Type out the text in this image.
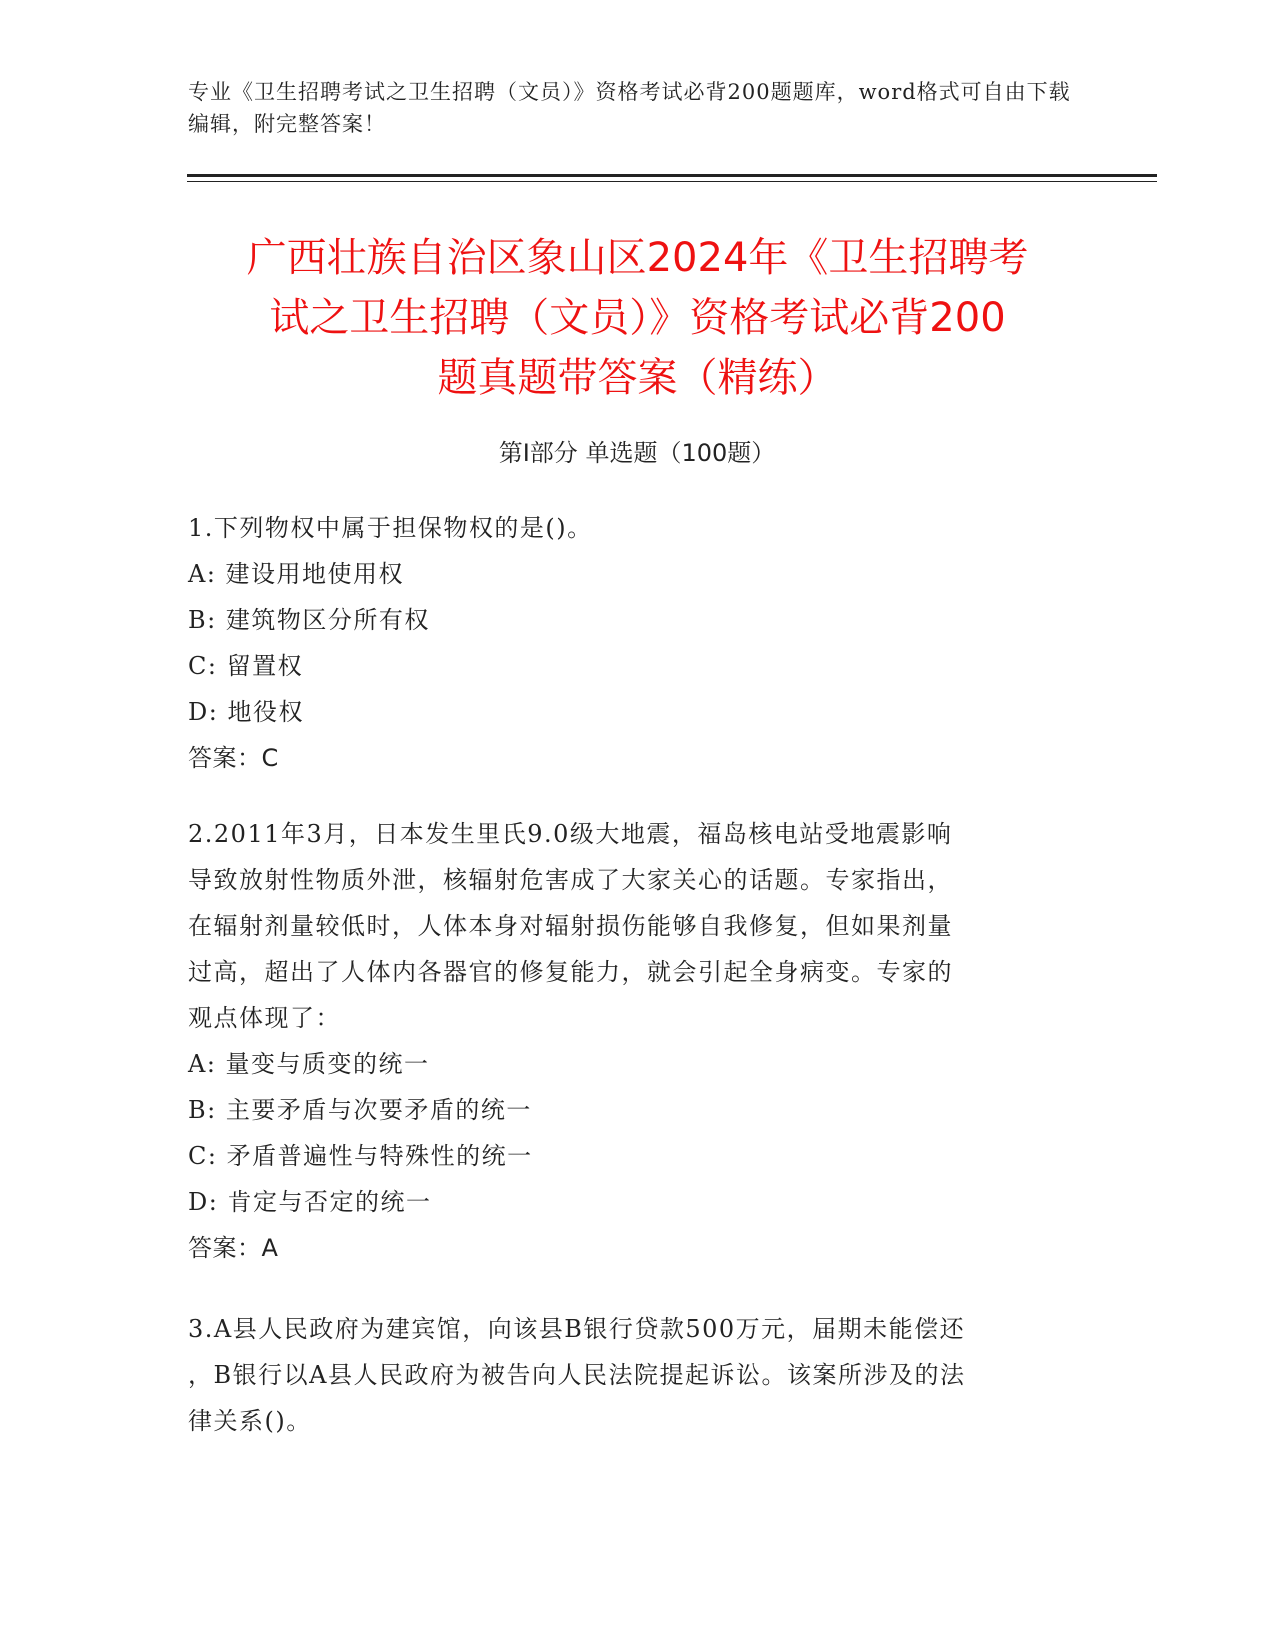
专业《卫生招聘考试之卫生招聘（文员）》资格考试必背200题题库，word格式可自由下载编辑，附完整答案！
广西壮族自治区象山区2024年《卫生招聘考
试之卫生招聘（文员）》资格考试必背200
题真题带答案（精练）
第I部分 单选题（100题）
1.下列物权中属于担保物权的是()。
A: 建设用地使用权
B: 建筑物区分所有权
C: 留置权
D: 地役权
答案：C
2.2011年3月，日本发生里氏9.0级大地震，福岛核电站受地震影响
导致放射性物质外泄，核辐射危害成了大家关心的话题。专家指出，
在辐射剂量较低时，人体本身对辐射损伤能够自我修复，但如果剂量
过高，超出了人体内各器官的修复能力，就会引起全身病变。专家的
观点体现了：
A: 量变与质变的统一
B: 主要矛盾与次要矛盾的统一
C: 矛盾普遍性与特殊性的统一
D: 肯定与否定的统一
答案：A
3.A县人民政府为建宾馆，向该县B银行贷款500万元，届期未能偿还
，B银行以A县人民政府为被告向人民法院提起诉讼。该案所涉及的法
律关系()。
